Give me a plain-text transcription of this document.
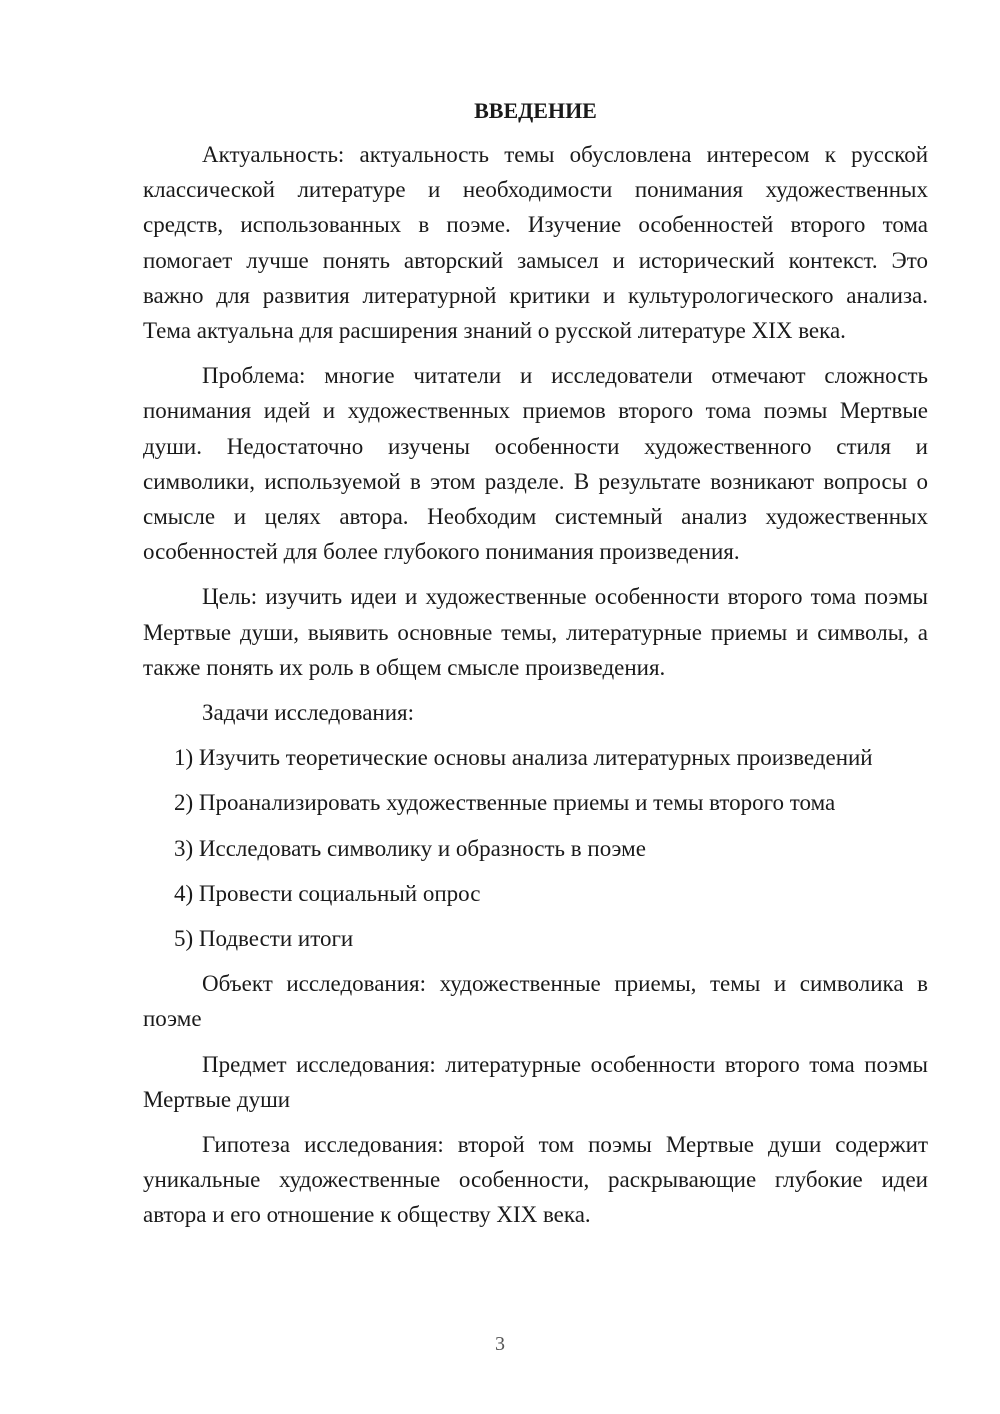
ВВЕДЕНИЕ

Актуальность: актуальность темы обусловлена интересом к русской классической литературе и необходимости понимания художественных средств, использованных в поэме. Изучение особенностей второго тома помогает лучше понять авторский замысел и исторический контекст. Это важно для развития литературной критики и культурологического анализа. Тема актуальна для расширения знаний о русской литературе XIX века.

Проблема: многие читатели и исследователи отмечают сложность понимания идей и художественных приемов второго тома поэмы Мертвые души. Недостаточно изучены особенности художественного стиля и символики, используемой в этом разделе. В результате возникают вопросы о смысле и целях автора. Необходим системный анализ художественных особенностей для более глубокого понимания произведения.

Цель: изучить идеи и художественные особенности второго тома поэмы Мертвые души, выявить основные темы, литературные приемы и символы, а также понять их роль в общем смысле произведения.

Задачи исследования:

1) Изучить теоретические основы анализа литературных произведений
2) Проанализировать художественные приемы и темы второго тома
3) Исследовать символику и образность в поэме
4) Провести социальный опрос
5) Подвести итоги

Объект исследования: художественные приемы, темы и символика в поэме

Предмет исследования: литературные особенности второго тома поэмы Мертвые души

Гипотеза исследования: второй том поэмы Мертвые души содержит уникальные художественные особенности, раскрывающие глубокие идеи автора и его отношение к обществу XIX века.

3
